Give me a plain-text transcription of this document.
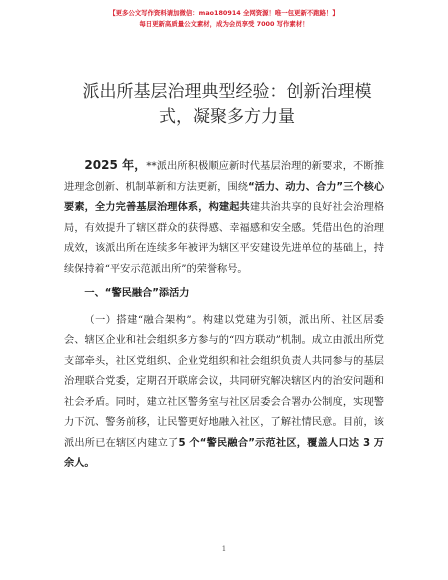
【更多公文写作资料请加微信：mao180914 全网资源！唯一包更新不跑路！】
每日更新高质量公文素材，成为会员享受 7000 写作素材！
派出所基层治理典型经验：创新治理模式，凝聚多方力量

2025 年，**派出所积极顺应新时代基层治理的新要求，不断推进理念创新、机制革新和方法更新，围绕“活力、动力、合力”三个核心要素，全力完善基层治理体系，构建起共建共治共享的良好社会治理格局，有效提升了辖区群众的获得感、幸福感和安全感。凭借出色的治理成效，该派出所在连续多年被评为辖区平安建设先进单位的基础上，持续保持着“平安示范派出所”的荣誉称号。

一、“警民融合”添活力

（一）搭建“融合架构”。构建以党建为引领，派出所、社区居委会、辖区企业和社会组织多方参与的“四方联动”机制。成立由派出所党支部牵头，社区党组织、企业党组织和社会组织负责人共同参与的基层治理联合党委，定期召开联席会议，共同研究解决辖区内的治安问题和社会矛盾。同时，建立社区警务室与社区居委会合署办公制度，实现警力下沉、警务前移，让民警更好地融入社区，了解社情民意。目前，该派出所已在辖区内建立了5 个“警民融合”示范社区，覆盖人口达 3 万余人。

1
